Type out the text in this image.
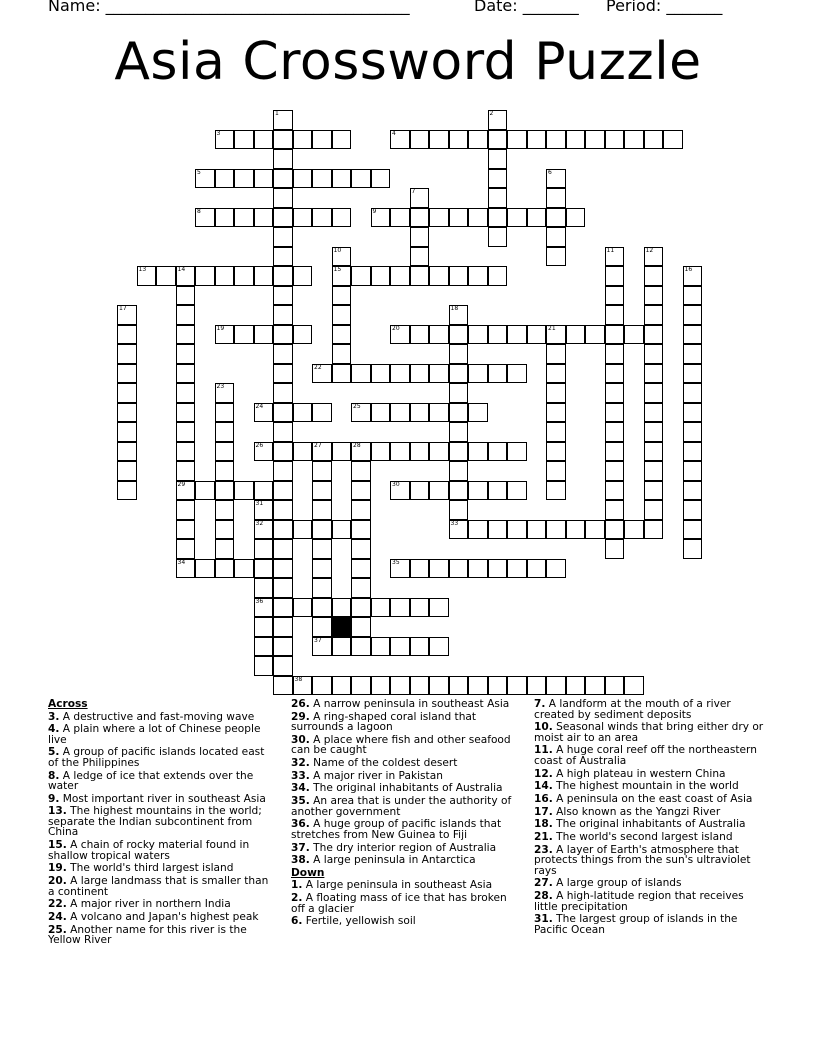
Name: ______________________________________

	Date: _______

Period: _______

Asia Crossword Puzzle
3	4
5
8	9
13	14	15
19	20	21
22
24	25
26	27	28
29	30
32	33
34	35
36
37
38
1	2
6
7
10	11	12
16
17	18
23
31
Across
3. A destructive and fast-moving wave
4. A plain where a lot of Chinese people live
5. A group of pacific islands located east of the Philippines
8. A ledge of ice that extends over the water
9. Most important river in southeast Asia
13. The highest mountains in the world; separate the Indian subcontinent from China
15. A chain of rocky material found in shallow tropical waters
19. The world's third largest island
20. A large landmass that is smaller than a continent
22. A major river in northern India
24. A volcano and Japan's highest peak
25. Another name for this river is the Yellow River
26. A narrow peninsula in southeast Asia
29. A ring-shaped coral island that surrounds a lagoon
30. A place where fish and other seafood can be caught
32. Name of the coldest desert
33. A major river in Pakistan
34. The original inhabitants of Australia
35. An area that is under the authority of another government
36. A huge group of pacific islands that stretches from New Guinea to Fiji
37. The dry interior region of Australia
38. A large peninsula in Antarctica
Down
1. A large peninsula in southeast Asia
2. A floating mass of ice that has broken off a glacier
6. Fertile, yellowish soil
7. A landform at the mouth of a river created by sediment deposits
10. Seasonal winds that bring either dry or moist air to an area
11. A huge coral reef off the northeastern coast of Australia
12. A high plateau in western China
14. The highest mountain in the world
16. A peninsula on the east coast of Asia
17. Also known as the Yangzi River
18. The original inhabitants of Australia
21. The world's second largest island
23. A layer of Earth's atmosphere that protects things from the sun's ultraviolet rays
27. A large group of islands
28. A high-latitude region that receives little precipitation
31. The largest group of islands in the Pacific Ocean
